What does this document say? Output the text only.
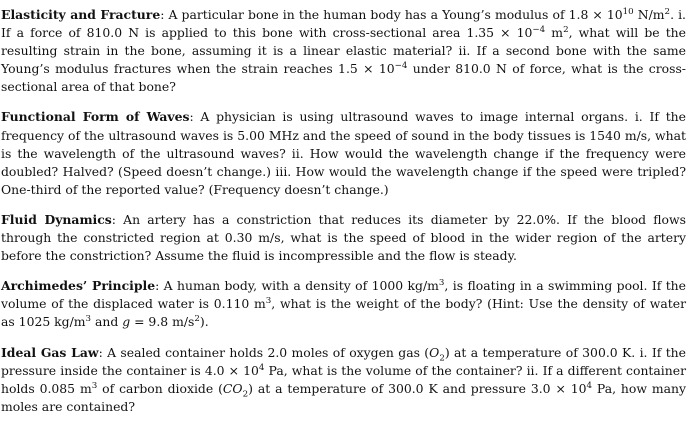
Elasticity and Fracture: A particular bone in the human body has a Young’s modulus of $1.8 \times 10^{10}$ $N/m^2$. i. If a force of 810.0 N is applied to this bone with cross-sectional area $1.35 \times 10^{-4}$ $m^2$, what will be the resulting strain in the bone, assuming it is a linear elastic material? ii. If a second bone with the same Young’s modulus fractures when the strain reaches $1.5 \times 10^{-4}$ under 810.0 N of force, what is the cross-sectional area of that bone?

Functional Form of Waves: A physician is using ultrasound waves to image internal organs. i. If the frequency of the ultrasound waves is 5.00 MHz and the speed of sound in the body tissues is 1540 m/s, what is the wavelength of the ultrasound waves? ii. How would the wavelength change if the frequency were doubled? Halved? (Speed doesn’t change.) iii. How would the wavelength change if the speed were tripled? One-third of the reported value? (Frequency doesn’t change.)

Fluid Dynamics: An artery has a constriction that reduces its diameter by 22.0%. If the blood flows through the constricted region at 0.30 m/s, what is the speed of blood in the wider region of the artery before the constriction? Assume the fluid is incompressible and the flow is steady.

Archimedes’ Principle: A human body, with a density of 1000 $kg/m^3$, is floating in a swimming pool. If the volume of the displaced water is 0.110 $m^3$, what is the weight of the body? (Hint: Use the density of water as 1025 $kg/m^3$ and g = 9.8 $m/s^2$).

Ideal Gas Law: A sealed container holds 2.0 moles of oxygen gas $(O_2)$ at a temperature of 300.0 K. i. If the pressure inside the container is $4.0 \times 10^4$ Pa, what is the volume of the container? ii. If a different container holds 0.085 $m^3$ of carbon dioxide $(CO_2)$ at a temperature of 300.0 K and pressure $3.0 \times 10^4$ Pa, how many moles are contained?
